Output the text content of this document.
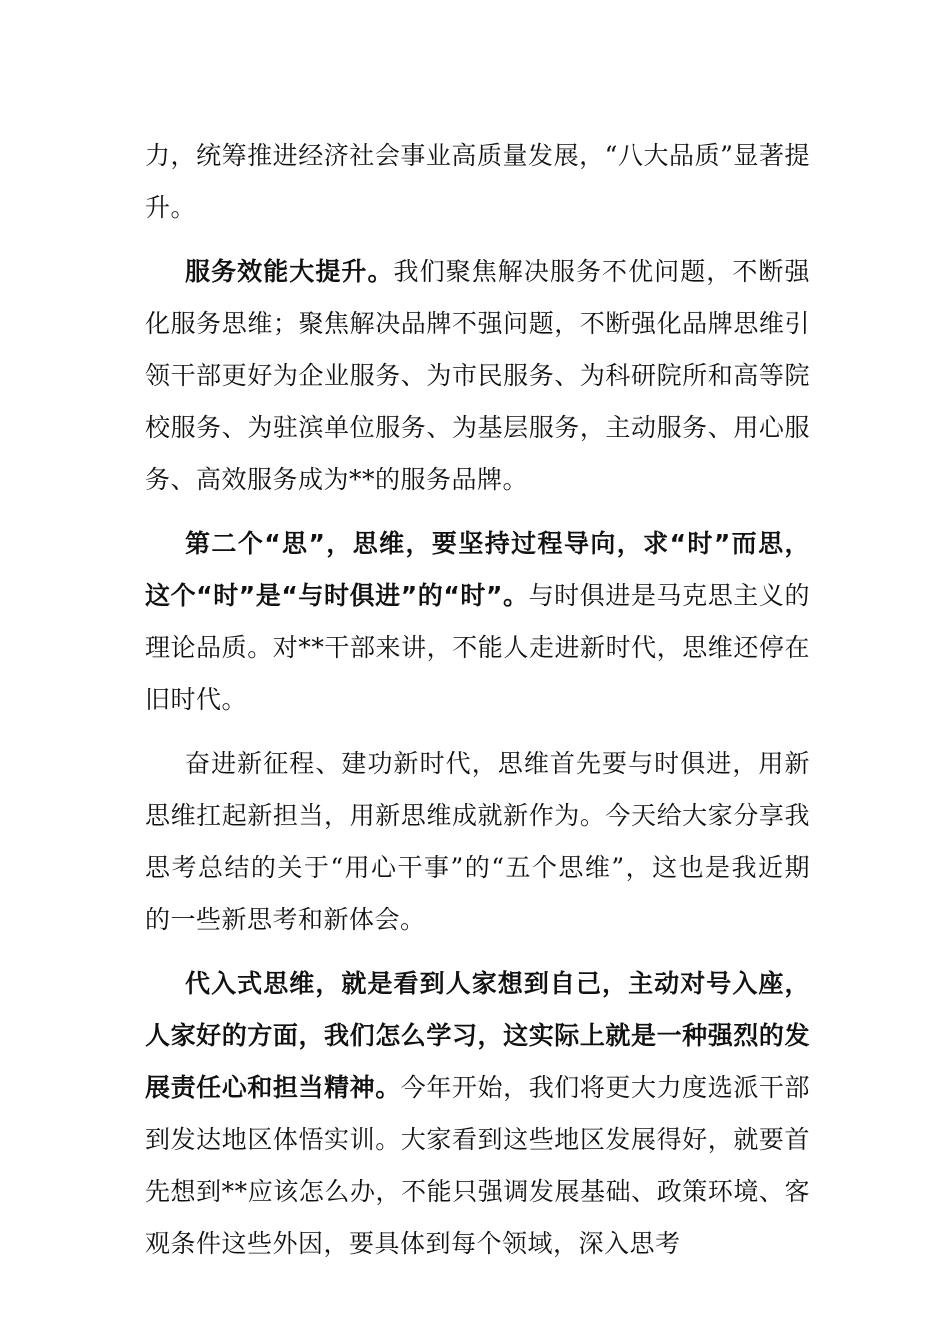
力，统筹推进经济社会事业高质量发展，“八大品质”显著提升。

服务效能大提升。我们聚焦解决服务不优问题，不断强化服务思维；聚焦解决品牌不强问题，不断强化品牌思维引领干部更好为企业服务、为市民服务、为科研院所和高等院校服务、为驻滨单位服务、为基层服务，主动服务、用心服务、高效服务成为**的服务品牌。

第二个“思”，思维，要坚持过程导向，求“时”而思，这个“时”是“与时俱进”的“时”。与时俱进是马克思主义的理论品质。对**干部来讲，不能人走进新时代，思维还停在旧时代。

奋进新征程、建功新时代，思维首先要与时俱进，用新思维扛起新担当，用新思维成就新作为。今天给大家分享我思考总结的关于“用心干事”的“五个思维”，这也是我近期的一些新思考和新体会。

代入式思维，就是看到人家想到自己，主动对号入座，人家好的方面，我们怎么学习，这实际上就是一种强烈的发展责任心和担当精神。今年开始，我们将更大力度选派干部到发达地区体悟实训。大家看到这些地区发展得好，就要首先想到**应该怎么办，不能只强调发展基础、政策环境、客观条件这些外因，要具体到每个领域，深入思考
